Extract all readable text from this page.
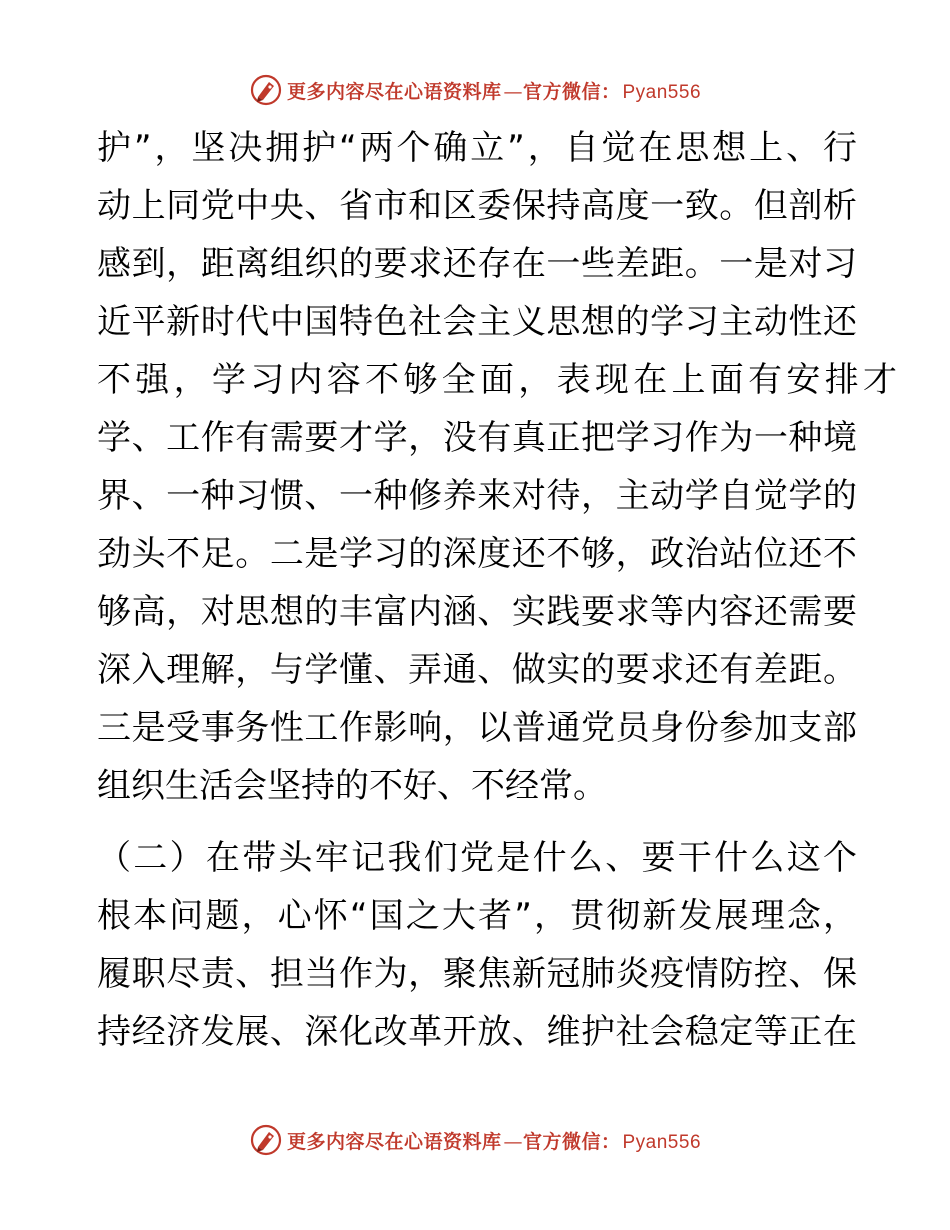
更多内容尽在心语资料库 —官方微信： Pyan556
护”，坚决拥护“两个确立”，自觉在思想上、行
动上同党中央、省市和区委保持高度一致。但剖析
感到，距离组织的要求还存在一些差距。一是对习
近平新时代中国特色社会主义思想的学习主动性还
不强，学习内容不够全面，表现在上面有安排才
学、工作有需要才学，没有真正把学习作为一种境
界、一种习惯、一种修养来对待，主动学自觉学的
劲头不足。二是学习的深度还不够，政治站位还不
够高，对思想的丰富内涵、实践要求等内容还需要
深入理解，与学懂、弄通、做实的要求还有差距。
三是受事务性工作影响，以普通党员身份参加支部
组织生活会坚持的不好、不经常。
（二）在带头牢记我们党是什么、要干什么这个
根本问题，心怀“国之大者”，贯彻新发展理念，
履职尽责、担当作为，聚焦新冠肺炎疫情防控、保
持经济发展、深化改革开放、维护社会稳定等正在
更多内容尽在心语资料库 —官方微信： Pyan556
